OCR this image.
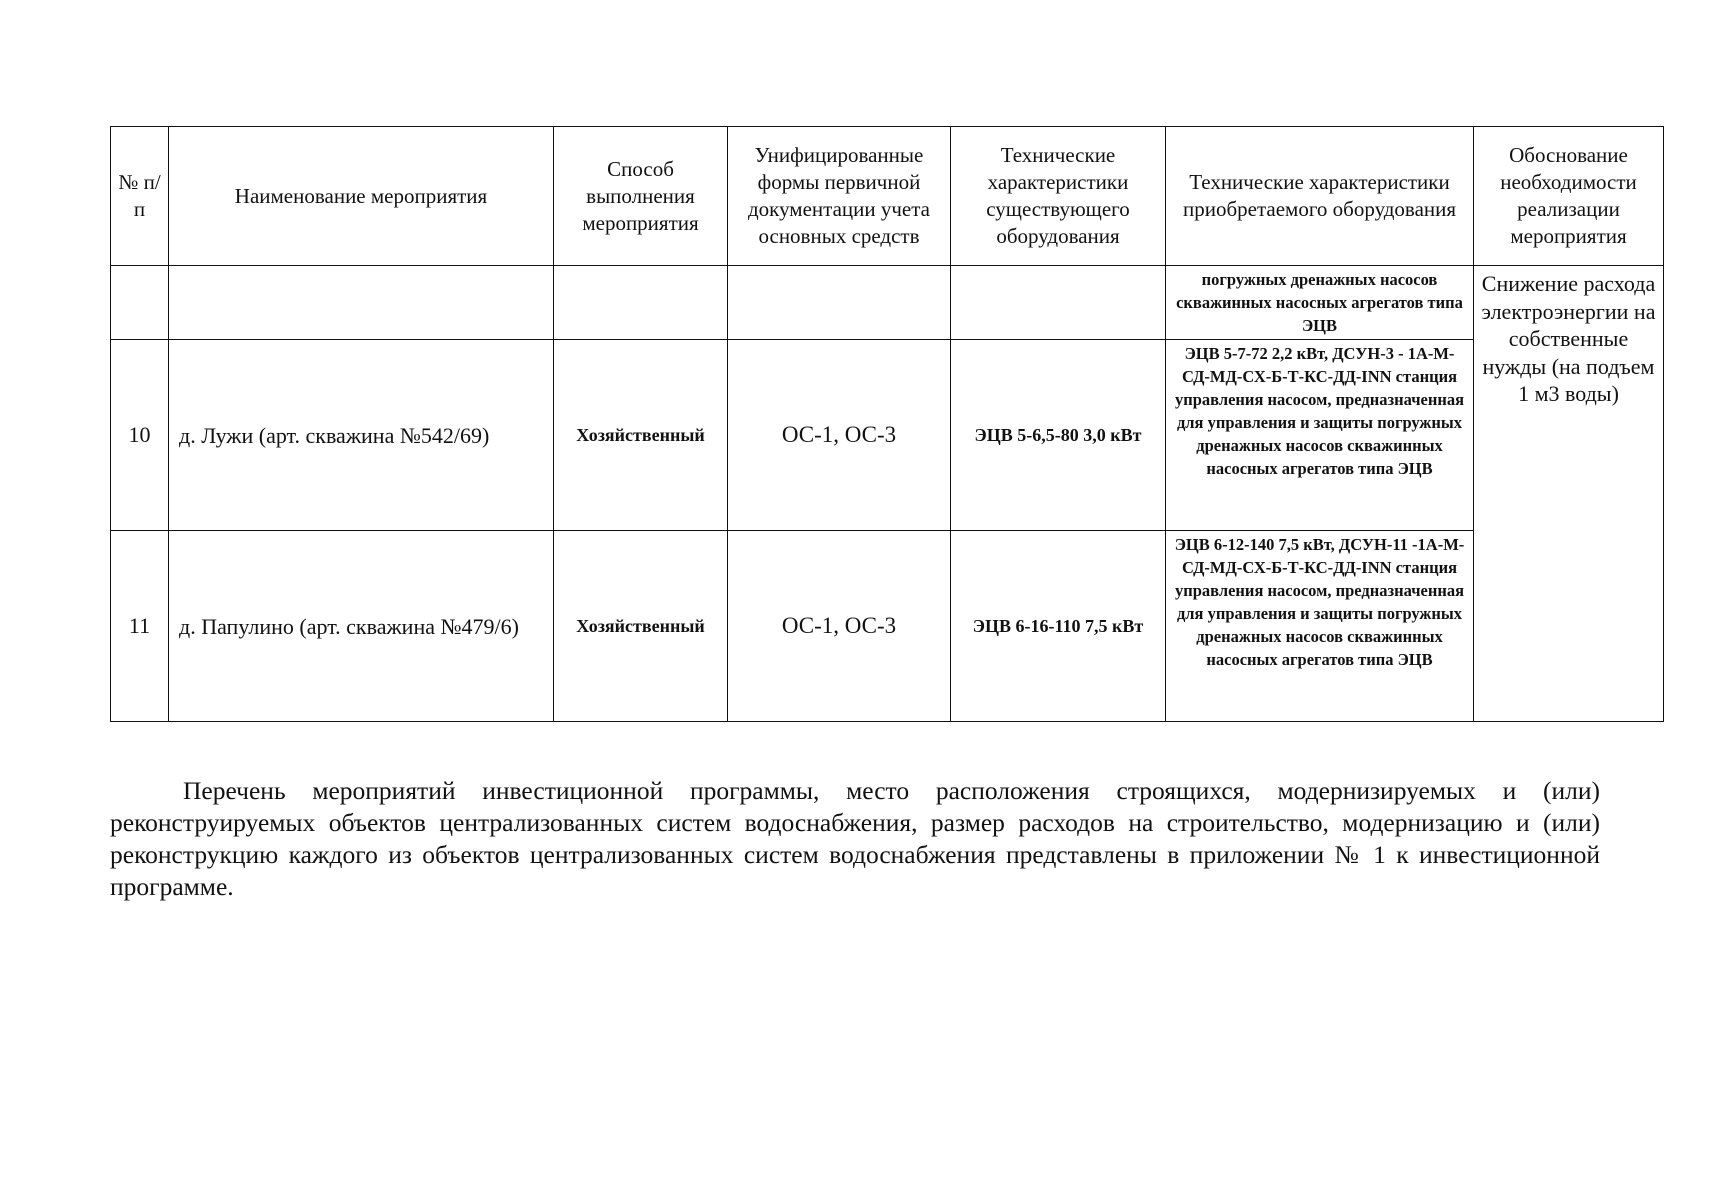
№ п/п	Наименование мероприятия	Способ выполнения мероприятия	Унифицированные формы первичной документации учета основных средств	Технические характеристики существующего оборудования	Технические характеристики приобретаемого оборудования	Обоснование необходимости реализации мероприятия
					погружных дренажных насосов скважинных насосных агрегатов типа ЭЦВ	Снижение расхода электроэнергии на собственные нужды (на подъем 1 м3 воды)
10	д. Лужи (арт. скважина №542/69)	Хозяйственный	ОС-1, ОС-3	ЭЦВ 5-6,5-80 3,0 кВт	ЭЦВ 5-7-72 2,2 кВт, ДСУН-3 - 1А-М-СД-МД-СХ-Б-Т-КС-ДД-INN станция управления насосом, предназначенная для управления и защиты погружных дренажных насосов скважинных насосных агрегатов типа ЭЦВ	
11	д. Папулино (арт. скважина №479/6)	Хозяйственный	ОС-1, ОС-3	ЭЦВ 6-16-110 7,5 кВт	ЭЦВ 6-12-140 7,5 кВт, ДСУН-11 -1А-М-СД-МД-СХ-Б-Т-КС-ДД-INN станция управления насосом, предназначенная для управления и защиты погружных дренажных насосов скважинных насосных агрегатов типа ЭЦВ	

Перечень мероприятий инвестиционной программы, место расположения строящихся, модернизируемых и (или) реконструируемых объектов централизованных систем водоснабжения, размер расходов на строительство, модернизацию и (или) реконструкцию каждого из объектов централизованных систем водоснабжения представлены в приложении № 1 к инвестиционной программе.
